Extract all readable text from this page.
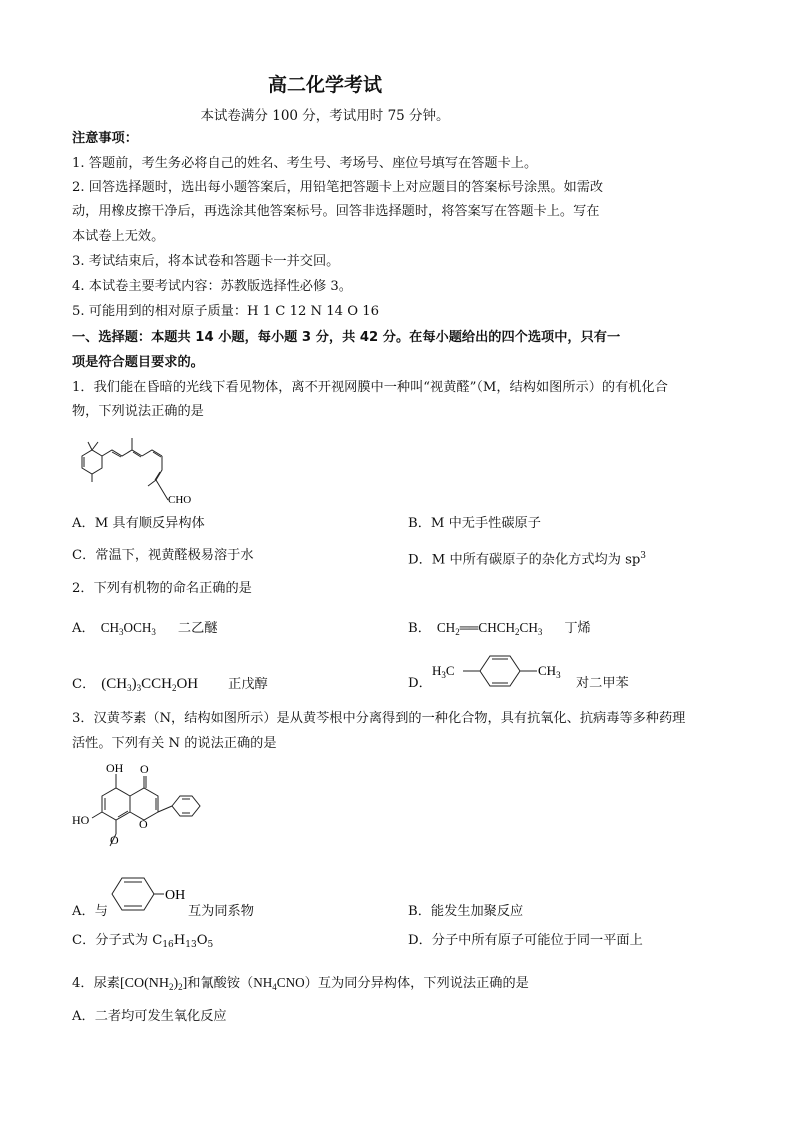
高二化学考试
本试卷满分 100 分，考试用时 75 分钟。
注意事项：
1. 答题前，考生务必将自己的姓名、考生号、考场号、座位号填写在答题卡上。
2. 回答选择题时，选出每小题答案后，用铅笔把答题卡上对应题目的答案标号涂黑。如需改
动，用橡皮擦干净后，再选涂其他答案标号。回答非选择题时，将答案写在答题卡上。写在
本试卷上无效。
3. 考试结束后，将本试卷和答题卡一并交回。
4. 本试卷主要考试内容：苏教版选择性必修 3。
5. 可能用到的相对原子质量：H 1 C 12 N 14 O 16
一、选择题：本题共 14 小题，每小题 3 分，共 42 分。在每小题给出的四个选项中，只有一
项是符合题目要求的。
1．我们能在昏暗的光线下看见物体，离不开视网膜中一种叫“视黄醛”（M，结构如图所示）的有机化合
物，下列说法正确的是
CHO
A．M 具有顺反异构体	B．M 中无手性碳原子
C．常温下，视黄醛极易溶于水	D．M 中所有碳原子的杂化方式均为 $sp^3$
2．下列有机物的命名正确的是
A． $CH_3OCH_3$ 二乙醚	B． $CH_2══CHCH_2CH_3$ 丁烯
C． $(CH_3)_3CCH_2OH$ 正戊醇	D．
$H_3C$	$CH_3$
对二甲苯
3．汉黄芩素（N，结构如图所示）是从黄芩根中分离得到的一种化合物，具有抗氧化、抗病毒等多种药理
活性。下列有关 N 的说法正确的是
OH O
HO	O
O
A．与
OH
互为同系物	B．能发生加聚反应
C．分子式为 $C_{16}H_{13}O_5$	D．分子中所有原子可能位于同一平面上
4．尿素$[CO(NH_2)_2]$和氰酸铵$(NH_4CNO)$互为同分异构体，下列说法正确的是
A．二者均可发生氧化反应
